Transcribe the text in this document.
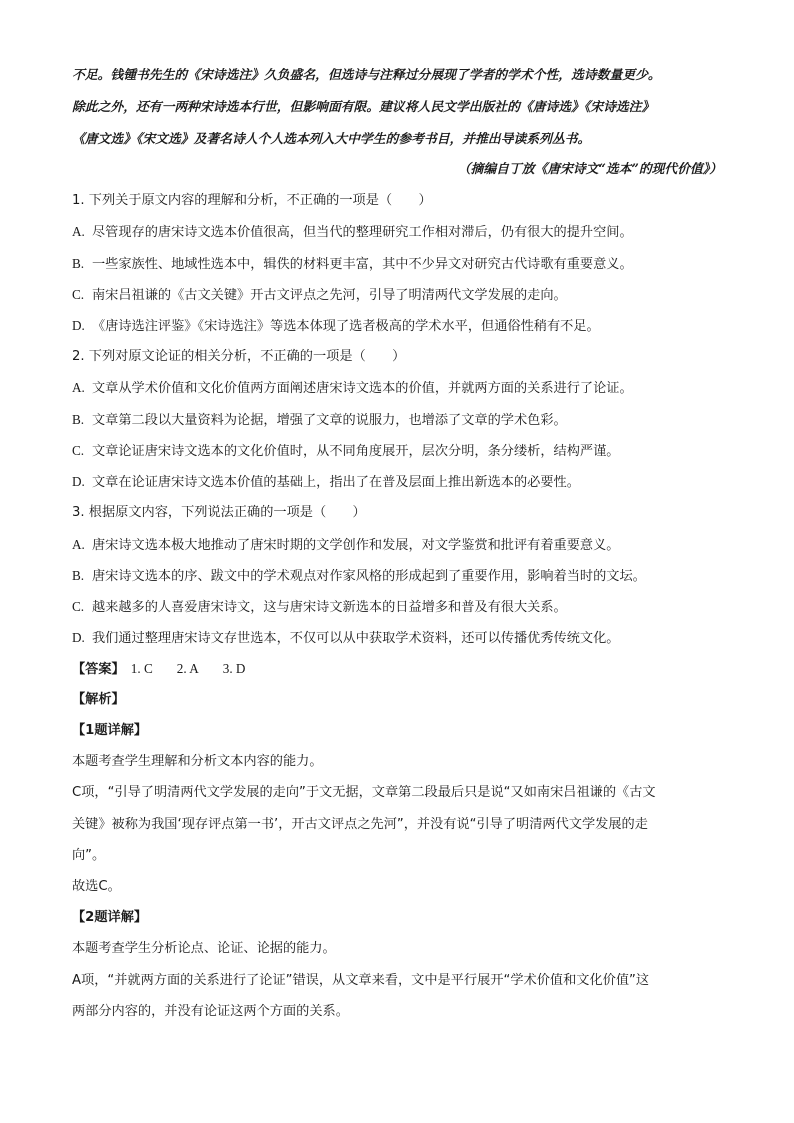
不足。钱锺书先生的《宋诗选注》久负盛名，但选诗与注释过分展现了学者的学术个性，选诗数量更少。
除此之外，还有一两种宋诗选本行世，但影响面有限。建议将人民文学出版社的《唐诗选》《宋诗选注》
《唐文选》《宋文选》及著名诗人个人选本列入大中学生的参考书目，并推出导读系列丛书。
（摘编自丁放《唐宋诗文“选本”的现代价值》）
1. 下列关于原文内容的理解和分析，不正确的一项是（　　）
A. 尽管现存的唐宋诗文选本价值很高，但当代的整理研究工作相对滞后，仍有很大的提升空间。
B. 一些家族性、地域性选本中，辑佚的材料更丰富，其中不少异文对研究古代诗歌有重要意义。
C. 南宋吕祖谦的《古文关键》开古文评点之先河，引导了明清两代文学发展的走向。
D. 《唐诗选注评鉴》《宋诗选注》等选本体现了选者极高的学术水平，但通俗性稍有不足。
2. 下列对原文论证的相关分析，不正确的一项是（　　）
A. 文章从学术价值和文化价值两方面阐述唐宋诗文选本的价值，并就两方面的关系进行了论证。
B. 文章第二段以大量资料为论据，增强了文章的说服力，也增添了文章的学术色彩。
C. 文章论证唐宋诗文选本的文化价值时，从不同角度展开，层次分明，条分缕析，结构严谨。
D. 文章在论证唐宋诗文选本价值的基础上，指出了在普及层面上推出新选本的必要性。
3. 根据原文内容，下列说法正确的一项是（　　）
A. 唐宋诗文选本极大地推动了唐宋时期的文学创作和发展，对文学鉴赏和批评有着重要意义。
B. 唐宋诗文选本的序、跋文中的学术观点对作家风格的形成起到了重要作用，影响着当时的文坛。
C. 越来越多的人喜爱唐宋诗文，这与唐宋诗文新选本的日益增多和普及有很大关系。
D. 我们通过整理唐宋诗文存世选本，不仅可以从中获取学术资料，还可以传播优秀传统文化。
【答案】 1. C 2. A 3. D
【解析】
【1题详解】
本题考查学生理解和分析文本内容的能力。
C项，“引导了明清两代文学发展的走向”于文无据，文章第二段最后只是说“又如南宋吕祖谦的《古文
关键》被称为我国‘现存评点第一书’，开古文评点之先河”，并没有说“引导了明清两代文学发展的走
向”。
故选C。
【2题详解】
本题考查学生分析论点、论证、论据的能力。
A项，“并就两方面的关系进行了论证”错误，从文章来看，文中是平行展开“学术价值和文化价值”这
两部分内容的，并没有论证这两个方面的关系。
